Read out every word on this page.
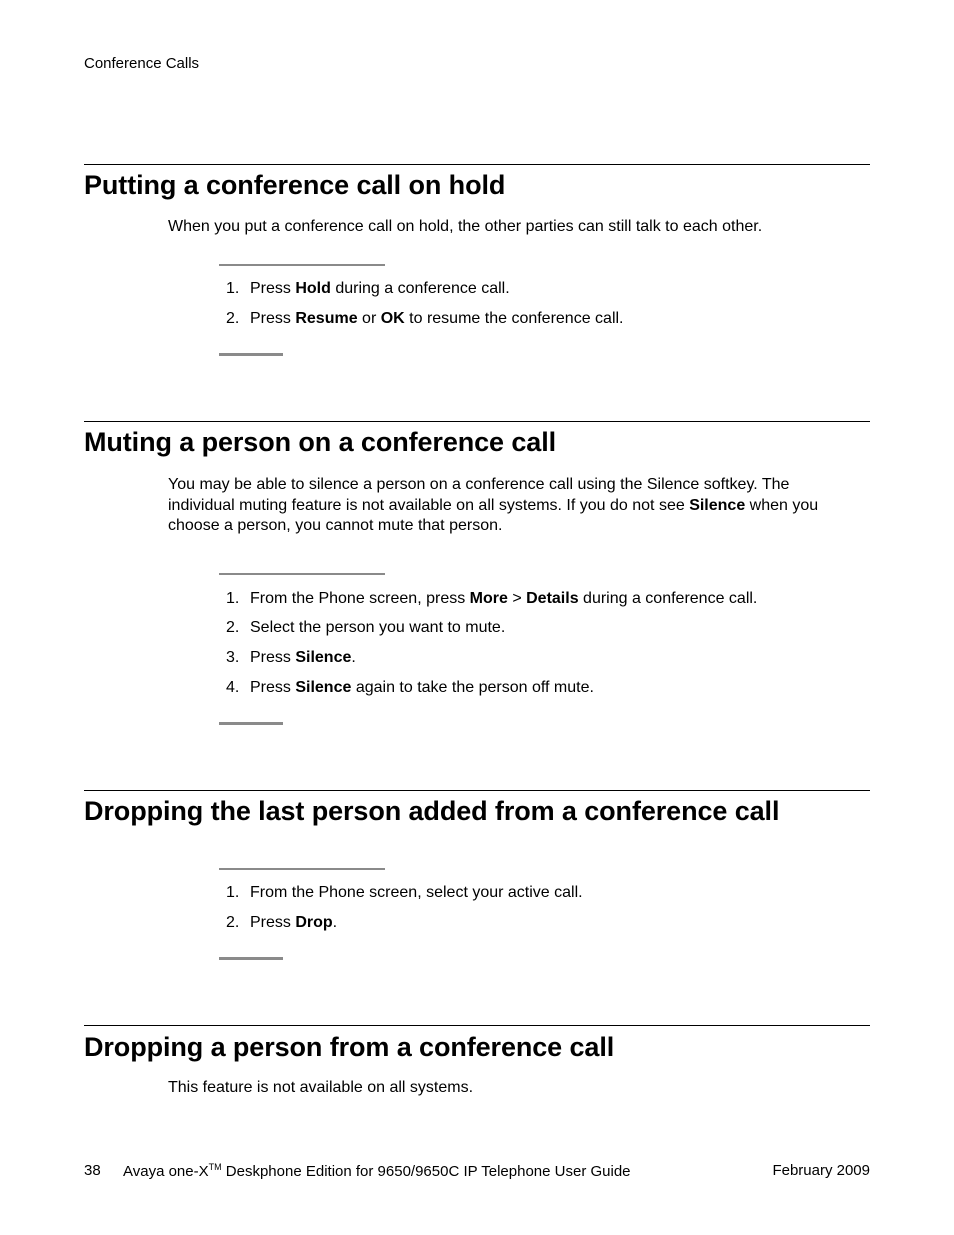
Conference Calls
Putting a conference call on hold
When you put a conference call on hold, the other parties can still talk to each other.
1. Press Hold during a conference call.
2. Press Resume or OK to resume the conference call.
Muting a person on a conference call
You may be able to silence a person on a conference call using the Silence softkey. The
individual muting feature is not available on all systems. If you do not see Silence when you
choose a person, you cannot mute that person.
1. From the Phone screen, press More > Details during a conference call.
2. Select the person you want to mute.
3. Press Silence.
4. Press Silence again to take the person off mute.
Dropping the last person added from a conference call
1. From the Phone screen, select your active call.
2. Press Drop.
Dropping a person from a conference call
This feature is not available on all systems.
38 Avaya one-X™ Deskphone Edition for 9650/9650C IP Telephone User Guide	February 2009
